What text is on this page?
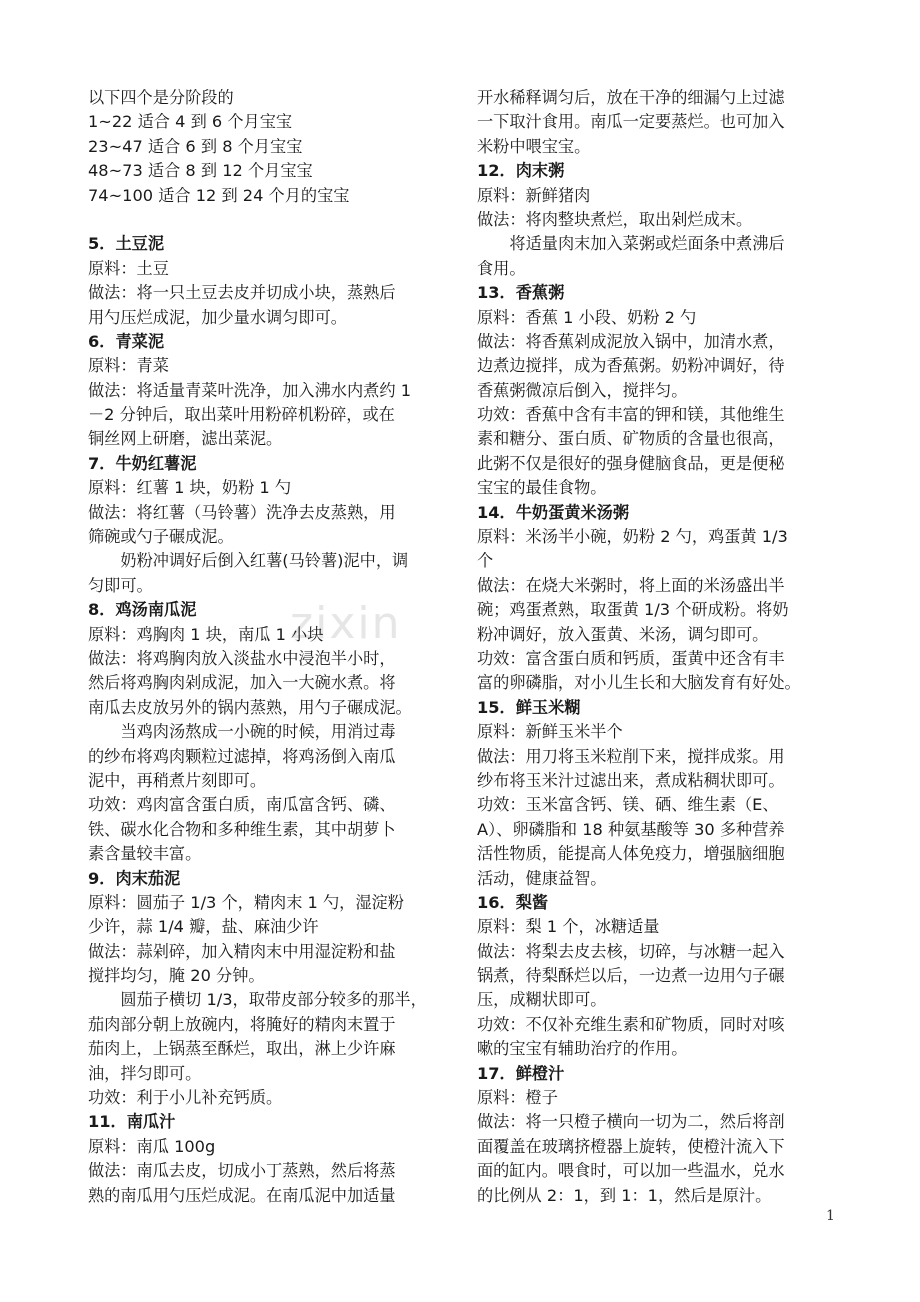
zixin
以下四个是分阶段的
1~22 适合 4 到 6 个月宝宝
23~47 适合 6 到 8 个月宝宝
48~73 适合 8 到 12 个月宝宝
74~100 适合 12 到 24 个月的宝宝
5．土豆泥
原料：土豆
做法：将一只土豆去皮并切成小块，蒸熟后
用勺压烂成泥，加少量水调匀即可。
6．青菜泥
原料：青菜
做法：将适量青菜叶洗净，加入沸水内煮约 1
－2 分钟后，取出菜叶用粉碎机粉碎，或在
铜丝网上研磨，滤出菜泥。
7．牛奶红薯泥
原料：红薯 1 块，奶粉 1 勺
做法：将红薯（马铃薯）洗净去皮蒸熟，用
筛碗或勺子碾成泥。
奶粉冲调好后倒入红薯(马铃薯)泥中，调
匀即可。
8．鸡汤南瓜泥
原料：鸡胸肉 1 块，南瓜 1 小块
做法：将鸡胸肉放入淡盐水中浸泡半小时，
然后将鸡胸肉剁成泥，加入一大碗水煮。将
南瓜去皮放另外的锅内蒸熟，用勺子碾成泥。
当鸡肉汤熬成一小碗的时候，用消过毒
的纱布将鸡肉颗粒过滤掉，将鸡汤倒入南瓜
泥中，再稍煮片刻即可。
功效：鸡肉富含蛋白质，南瓜富含钙、磷、
铁、碳水化合物和多种维生素，其中胡萝卜
素含量较丰富。
9．肉末茄泥
原料：圆茄子 1/3 个，精肉末 1 勺，湿淀粉
少许，蒜 1/4 瓣，盐、麻油少许
做法：蒜剁碎，加入精肉末中用湿淀粉和盐
搅拌均匀，腌 20 分钟。
圆茄子横切 1/3，取带皮部分较多的那半，
茄肉部分朝上放碗内，将腌好的精肉末置于
茄肉上，上锅蒸至酥烂，取出，淋上少许麻
油，拌匀即可。
功效：利于小儿补充钙质。
11．南瓜汁
原料：南瓜 100g
做法：南瓜去皮，切成小丁蒸熟，然后将蒸
熟的南瓜用勺压烂成泥。在南瓜泥中加适量
开水稀释调匀后，放在干净的细漏勺上过滤
一下取汁食用。南瓜一定要蒸烂。也可加入
米粉中喂宝宝。
12．肉末粥
原料：新鲜猪肉
做法：将肉整块煮烂，取出剁烂成末。
将适量肉末加入菜粥或烂面条中煮沸后
食用。
13．香蕉粥
原料：香蕉 1 小段、奶粉 2 勺
做法：将香蕉剁成泥放入锅中，加清水煮，
边煮边搅拌，成为香蕉粥。奶粉冲调好，待
香蕉粥微凉后倒入，搅拌匀。
功效：香蕉中含有丰富的钾和镁，其他维生
素和糖分、蛋白质、矿物质的含量也很高，
此粥不仅是很好的强身健脑食品，更是便秘
宝宝的最佳食物。
14．牛奶蛋黄米汤粥
原料：米汤半小碗，奶粉 2 勺，鸡蛋黄 1/3
个
做法：在烧大米粥时，将上面的米汤盛出半
碗；鸡蛋煮熟，取蛋黄 1/3 个研成粉。将奶
粉冲调好，放入蛋黄、米汤，调匀即可。
功效：富含蛋白质和钙质，蛋黄中还含有丰
富的卵磷脂，对小儿生长和大脑发育有好处。
15．鲜玉米糊
原料：新鲜玉米半个
做法：用刀将玉米粒削下来，搅拌成浆。用
纱布将玉米汁过滤出来，煮成粘稠状即可。
功效：玉米富含钙、镁、硒、维生素（E、
A）、卵磷脂和 18 种氨基酸等 30 多种营养
活性物质，能提高人体免疫力，增强脑细胞
活动，健康益智。
16．梨酱
原料：梨 1 个，冰糖适量
做法：将梨去皮去核，切碎，与冰糖一起入
锅煮，待梨酥烂以后，一边煮一边用勺子碾
压，成糊状即可。
功效：不仅补充维生素和矿物质，同时对咳
嗽的宝宝有辅助治疗的作用。
17．鲜橙汁
原料：橙子
做法：将一只橙子横向一切为二，然后将剖
面覆盖在玻璃挤橙器上旋转，使橙汁流入下
面的缸内。喂食时，可以加一些温水，兑水
的比例从 2：1，到 1：1，然后是原汁。
1
